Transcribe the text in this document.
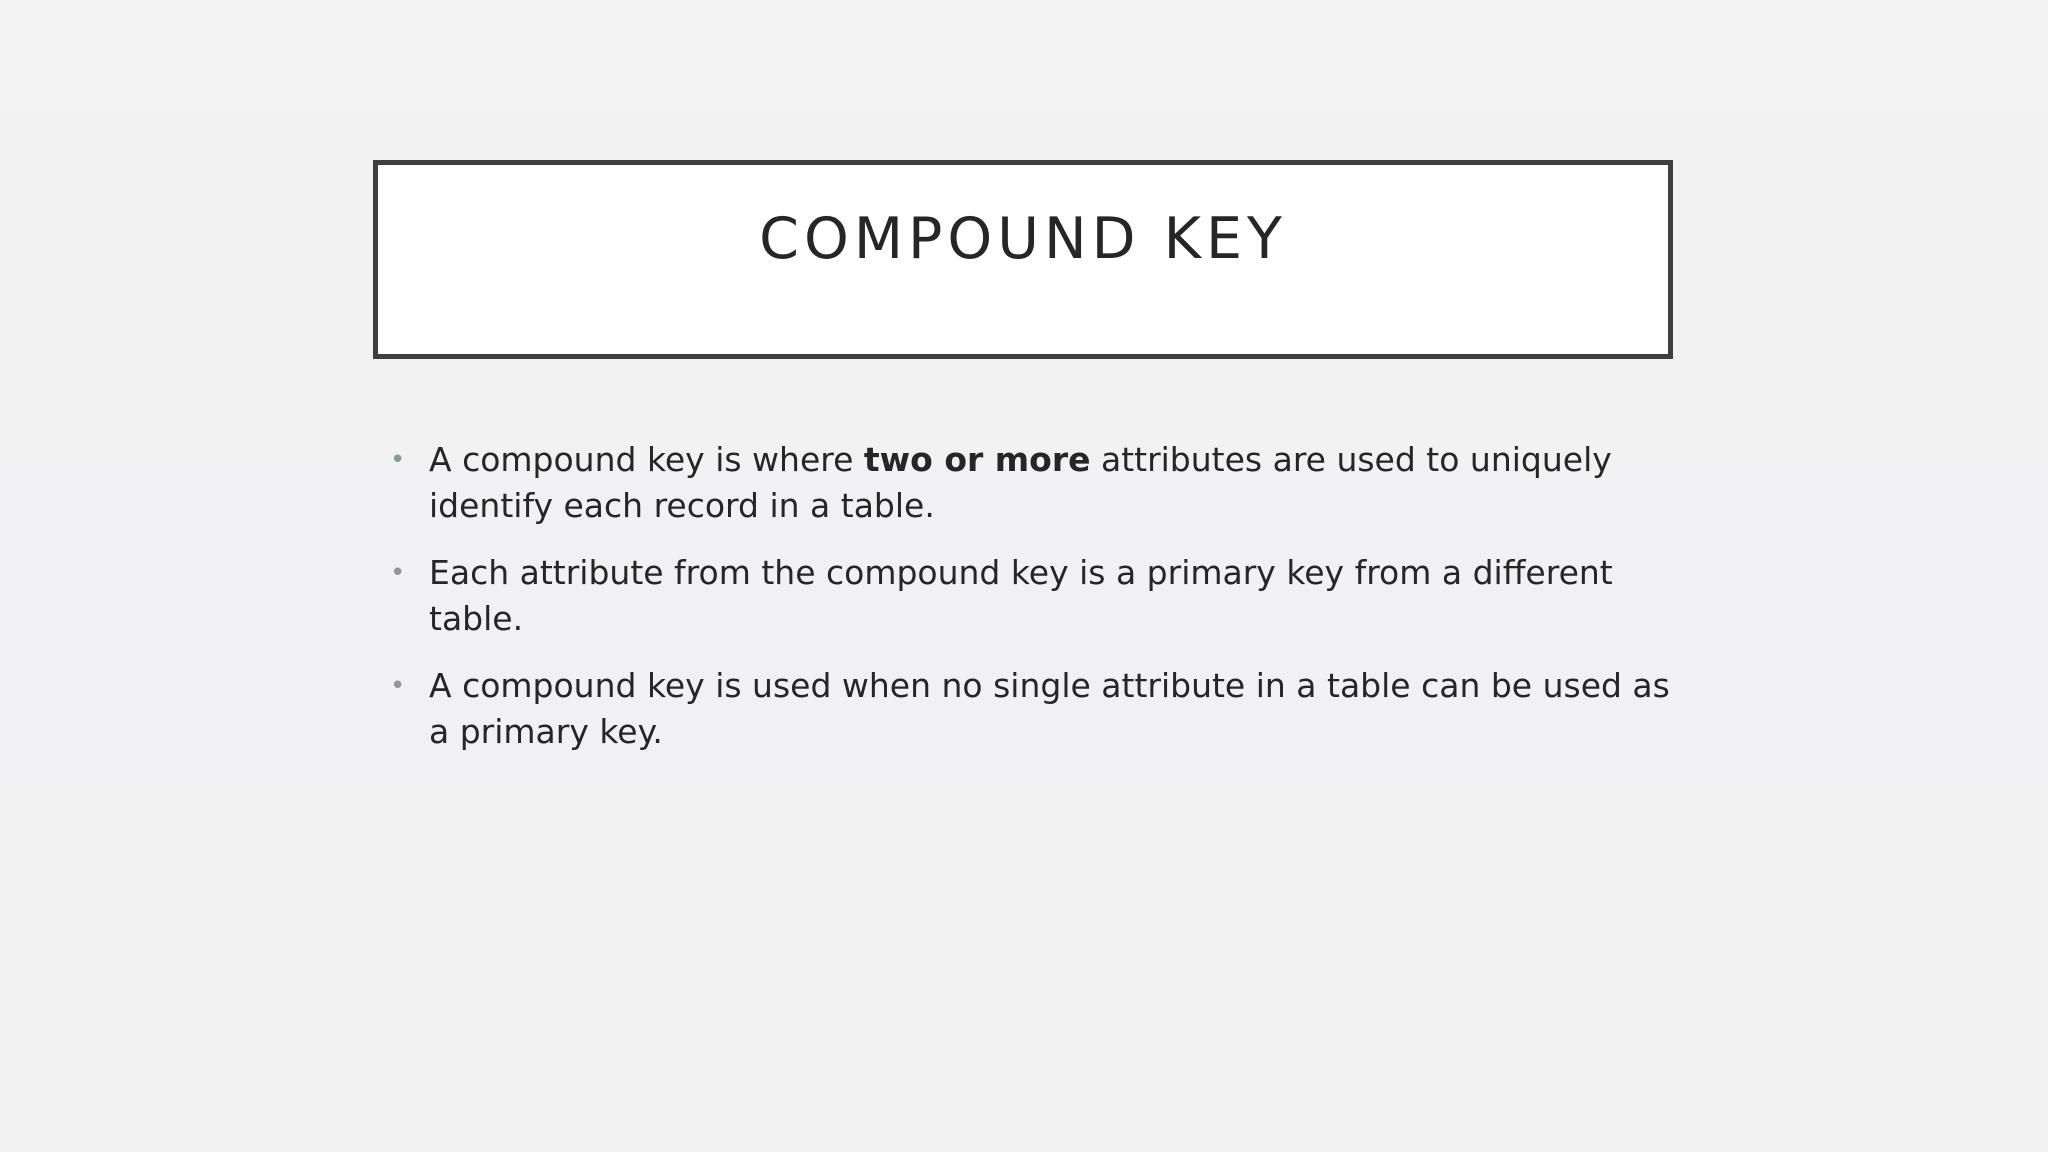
COMPOUND KEY
• A compound key is where two or more attributes are used to uniquely identify each record in a table.
• Each attribute from the compound key is a primary key from a different table.
• A compound key is used when no single attribute in a table can be used as a primary key.
